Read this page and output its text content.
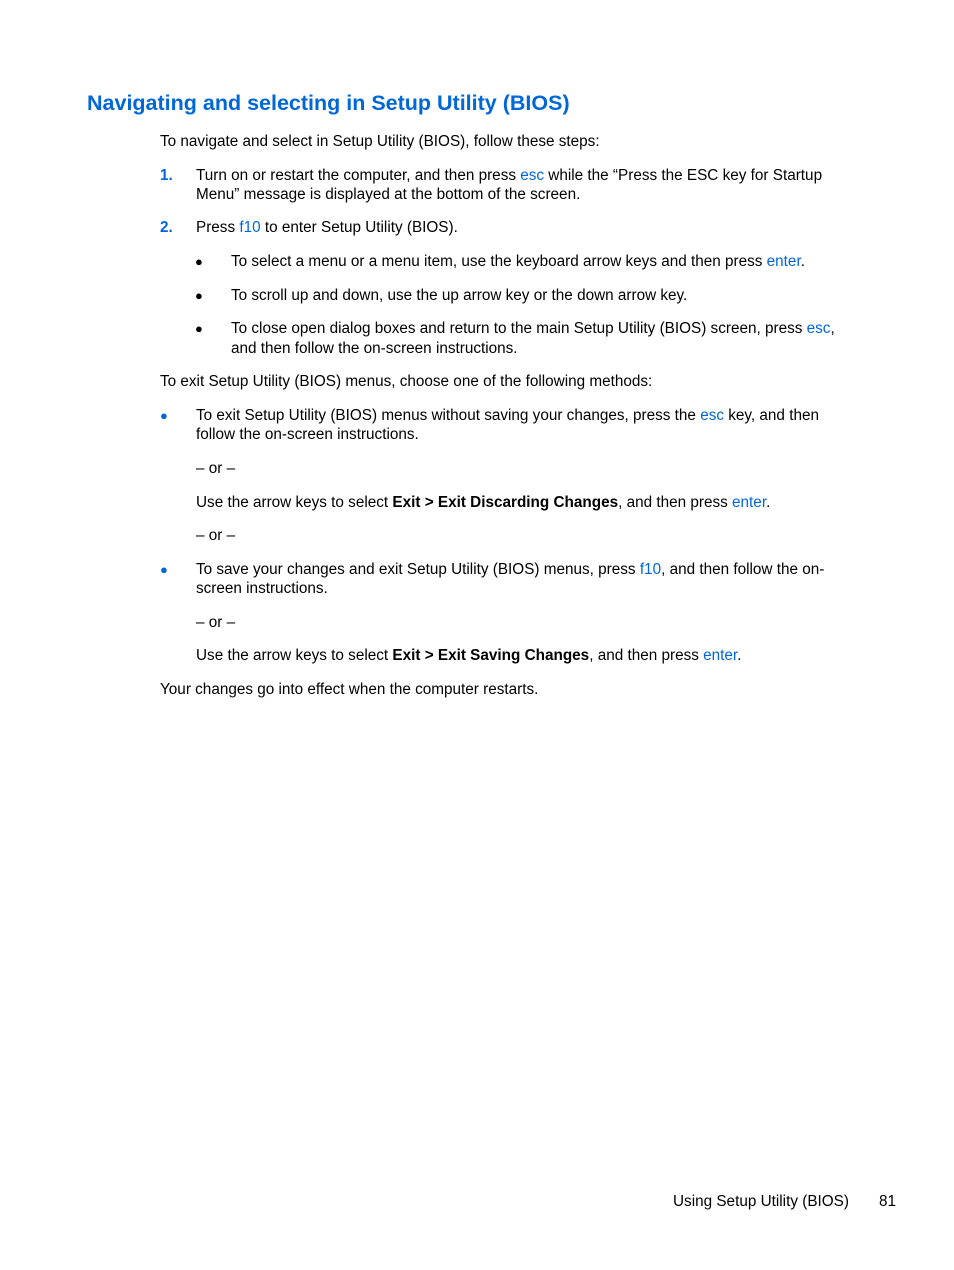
Navigating and selecting in Setup Utility (BIOS)
To navigate and select in Setup Utility (BIOS), follow these steps:
1. Turn on or restart the computer, and then press esc while the “Press the ESC key for Startup
Menu” message is displayed at the bottom of the screen.
2. Press f10 to enter Setup Utility (BIOS).
● To select a menu or a menu item, use the keyboard arrow keys and then press enter.
● To scroll up and down, use the up arrow key or the down arrow key.
● To close open dialog boxes and return to the main Setup Utility (BIOS) screen, press esc,
and then follow the on-screen instructions.
To exit Setup Utility (BIOS) menus, choose one of the following methods:
● To exit Setup Utility (BIOS) menus without saving your changes, press the esc key, and then
follow the on-screen instructions.
– or –
Use the arrow keys to select Exit > Exit Discarding Changes, and then press enter.
– or –
● To save your changes and exit Setup Utility (BIOS) menus, press f10, and then follow the on-
screen instructions.
– or –
Use the arrow keys to select Exit > Exit Saving Changes, and then press enter.
Your changes go into effect when the computer restarts.
Using Setup Utility (BIOS) 81
